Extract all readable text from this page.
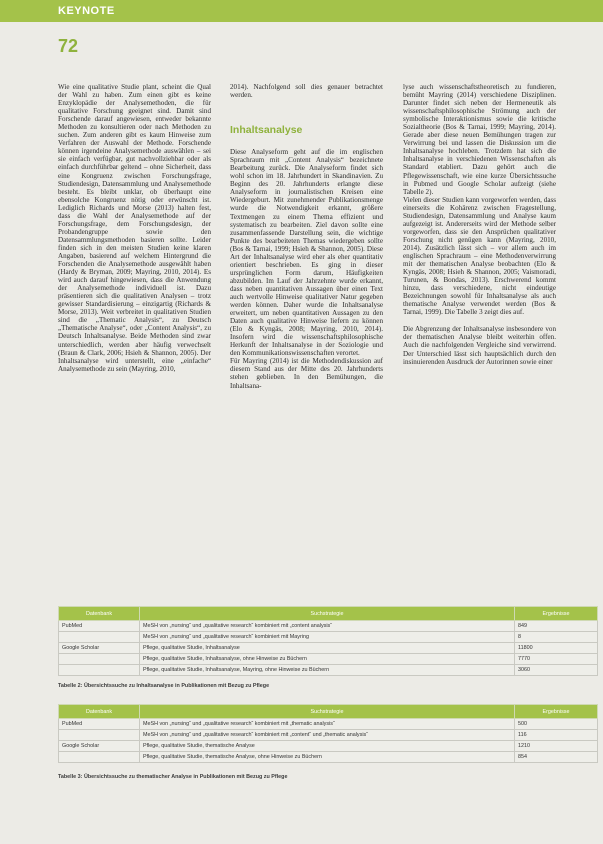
KEYNOTE
72

Wie eine qualitative Studie plant, scheint die Qual der Wahl zu haben. Zum einen gibt es keine Enzyklopädie der Analysemethoden, die für qualitative Forschung geeignet sind. Damit sind Forschende darauf angewiesen, entweder bekannte Methoden zu konsultieren oder nach Methoden zu suchen. Zum anderen gibt es kaum Hinweise zum Verfahren der Auswahl der Methode. Forschende können irgendeine Analysemethode auswählen – sei sie einfach verfügbar, gut nachvollziehbar oder als einfach durchführbar geltend – ohne Sicherheit, dass eine Kongruenz zwischen Forschungsfrage, Studiendesign, Datensammlung und Analysemethode besteht. Es bleibt unklar, ob überhaupt eine ebensolche Kongruenz nötig oder erwünscht ist. Lediglich Richards und Morse (2013) halten fest, dass die Wahl der Analysemethode auf der Forschungsfrage, dem Forschungsdesign, der Probandengruppe sowie den Datensammlungsmethoden basieren sollte. Leider finden sich in den meisten Studien keine klaren Angaben, basierend auf welchem Hintergrund die Forschenden die Analysemethode ausgewählt haben (Hardy & Bryman, 2009; Mayring, 2010, 2014). Es wird auch darauf hingewiesen, dass die Anwendung der Analysemethode individuell ist. Dazu präsentieren sich die qualitativen Analysen – trotz gewisser Standardisierung – einzigartig (Richards & Morse, 2013). Weit verbreitet in qualitativen Studien sind die „Thematic Analysis“, zu Deutsch „Thematische Analyse“, oder „Content Analysis“, zu Deutsch Inhaltsanalyse. Beide Methoden sind zwar unterschiedlich, werden aber häufig verwechselt (Braun & Clark, 2006; Hsieh & Shannon, 2005). Der Inhaltsanalyse wird unterstellt, eine „einfache“ Analysemethode zu sein (Mayring, 2010,

2014). Nachfolgend soll dies genauer betrachtet werden.

Inhaltsanalyse

Diese Analyseform geht auf die im englischen Sprachraum mit „Content Analysis“ bezeichnete Bearbeitung zurück. Die Analyseform findet sich wohl schon im 18. Jahrhundert in Skandinavien. Zu Beginn des 20. Jahrhunderts erlangte diese Analyseform in journalistischen Kreisen eine Wiedergeburt. Mit zunehmender Publikationsmenge wurde die Notwendigkeit erkannt, größere Textmengen zu einem Thema effizient und systematisch zu bearbeiten. Ziel davon sollte eine zusammenfassende Darstellung sein, die wichtige Punkte des bearbeiteten Themas wiedergeben sollte (Bos & Tarnai, 1999; Hsieh & Shannon, 2005). Diese Art der Inhaltsanalyse wird eher als eher quantitativ orientiert beschrieben. Es ging in dieser ursprünglichen Form darum, Häufigkeiten abzubilden. Im Lauf der Jahrzehnte wurde erkannt, dass neben quantitativen Aussagen über einen Text auch wertvolle Hinweise qualitativer Natur gegeben werden können. Daher wurde die Inhaltsanalyse erweitert, um neben quantitativen Aussagen zu den Daten auch qualitative Hinweise liefern zu können (Elo & Kyngäs, 2008; Mayring, 2010, 2014). Insofern wird die wissenschaftsphilosophische Herkunft der Inhaltsanalyse in der Soziologie und den Kommunikationswissenschaften verortet.

Für Mayring (2014) ist die Methodendiskussion auf diesem Stand aus der Mitte des 20. Jahrhunderts stehen geblieben. In den Bemühungen, die Inhaltsana-

lyse auch wissenschaftstheoretisch zu fundieren, bemüht Mayring (2014) verschiedene Disziplinen. Darunter findet sich neben der Hermeneutik als wissenschaftsphilosophische Strömung auch der symbolische Interaktionismus sowie die kritische Sozialtheorie (Bos & Tarnai, 1999; Mayring, 2014). Gerade aber diese neuen Bemühungen tragen zur Verwirrung bei und lassen die Diskussion um die Inhaltsanalyse hochleben. Trotzdem hat sich die Inhaltsanalyse in verschiedenen Wissenschaften als Standard etabliert. Dazu gehört auch die Pflegewissenschaft, wie eine kurze Übersichtssuche in Pubmed und Google Scholar aufzeigt (siehe Tabelle 2).

Vielen dieser Studien kann vorgeworfen werden, dass einerseits die Kohärenz zwischen Fragestellung, Studiendesign, Datensammlung und Analyse kaum aufgezeigt ist. Andererseits wird der Methode selber vorgeworfen, dass sie den Ansprüchen qualitativer Forschung nicht genügen kann (Mayring, 2010, 2014). Zusätzlich lässt sich – vor allem auch im englischen Sprachraum – eine Methodenverwirrung mit der thematischen Analyse beobachten (Elo & Kyngäs, 2008; Hsieh & Shannon, 2005; Vaismoradi, Turunen, & Bondas, 2013). Erschwerend kommt hinzu, dass verschiedene, nicht eindeutige Bezeichnungen sowohl für Inhaltsanalyse als auch thematische Analyse verwendet werden (Bos & Tarnai, 1999). Die Tabelle 3 zeigt dies auf.

Die Abgrenzung der Inhaltsanalyse insbesondere von der thematischen Analyse bleibt weiterhin offen. Auch die nachfolgenden Vergleiche sind verwirrend. Der Unterschied lässt sich hauptsächlich durch den insinuierenden Ausdruck der Autorinnen sowie einer

Datenbank	Suchstrategie	Ergebnisse
PubMed	MeSH von „nursing“ und „qualitative research“ kombiniert mit „content analysis“	849
	MeSH von „nursing“ und „qualitative research“ kombiniert mit Mayring	8
Google Scholar	Pflege, qualitative Studie, Inhaltsanalyse	11800
	Pflege, qualitative Studie, Inhaltsanalyse, ohne Hinweise zu Büchern	7770
	Pflege, qualitative Studie, Inhaltsanalyse, Mayring, ohne Hinweise zu Büchern	3060
Tabelle 2: Übersichtssuche zu Inhaltsanalyse in Publikationen mit Bezug zu Pflege
Datenbank	Suchstrategie	Ergebnisse
PubMed	MeSH von „nursing“ und „qualitative research“ kombiniert mit „thematic analysis“	500
	MeSH von „nursing“ und „qualitative research“ kombiniert mit „content“ und „thematic analysis“	116
Google Scholar	Pflege, qualitative Studie, thematische Analyse	1210
	Pflege, qualitative Studie, thematische Analyse, ohne Hinweise zu Büchern	854
Tabelle 3: Übersichtssuche zu thematischer Analyse in Publikationen mit Bezug zu Pflege
